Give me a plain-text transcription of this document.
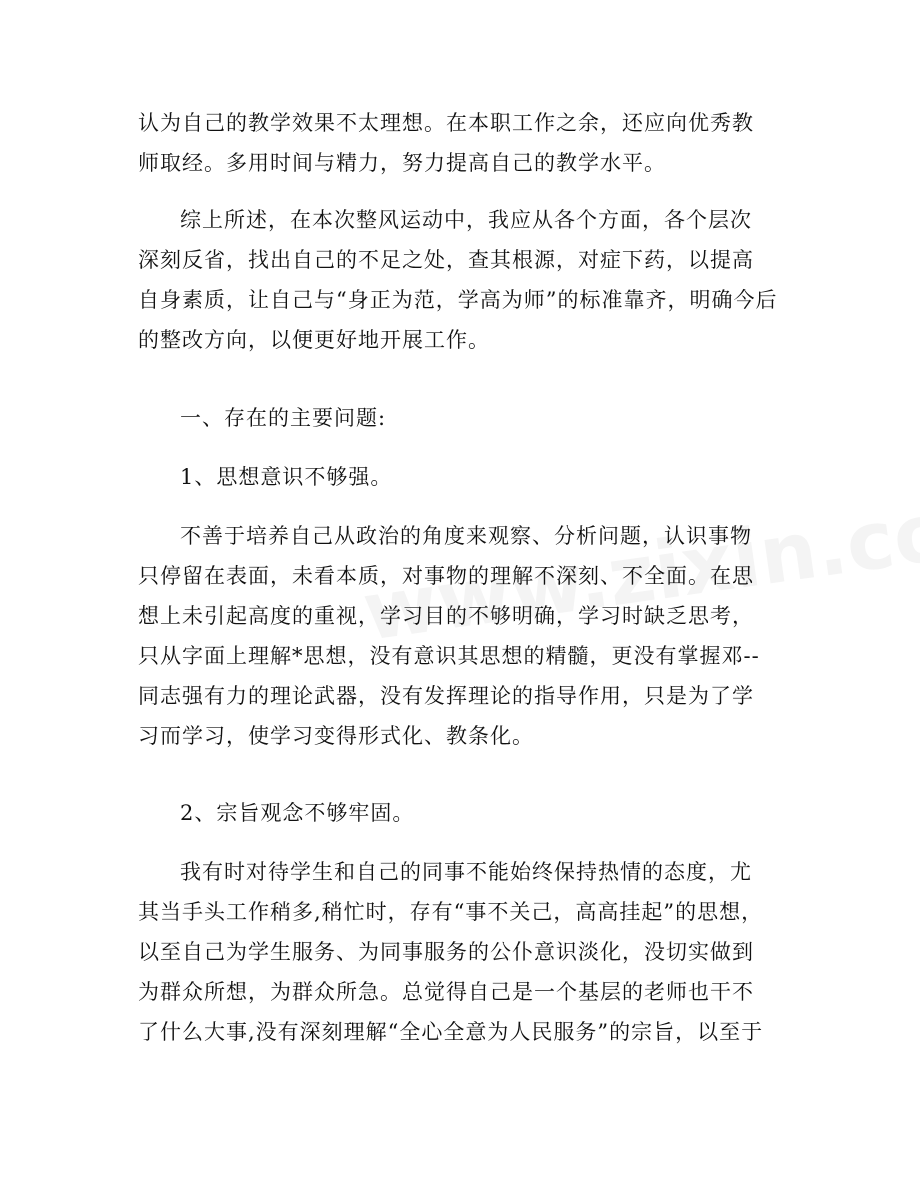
认为自己的教学效果不太理想。在本职工作之余，还应向优秀教
师取经。多用时间与精力，努力提高自己的教学水平。
综上所述，在本次整风运动中，我应从各个方面，各个层次
深刻反省，找出自己的不足之处，查其根源，对症下药，以提高
自身素质，让自己与“身正为范，学高为师”的标准靠齐，明确今后
的整改方向，以便更好地开展工作。
一、存在的主要问题:
1、思想意识不够强。
不善于培养自己从政治的角度来观察、分析问题，认识事物
只停留在表面，未看本质，对事物的理解不深刻、不全面。在思
想上未引起高度的重视，学习目的不够明确，学习时缺乏思考，
只从字面上理解*思想，没有意识其思想的精髓，更没有掌握邓--
同志强有力的理论武器，没有发挥理论的指导作用，只是为了学
习而学习，使学习变得形式化、教条化。
2、宗旨观念不够牢固。
我有时对待学生和自己的同事不能始终保持热情的态度，尤
其当手头工作稍多,稍忙时，存有“事不关己，高高挂起”的思想，
以至自己为学生服务、为同事服务的公仆意识淡化，没切实做到
为群众所想，为群众所急。总觉得自己是一个基层的老师也干不
了什么大事,没有深刻理解“全心全意为人民服务”的宗旨，以至于
